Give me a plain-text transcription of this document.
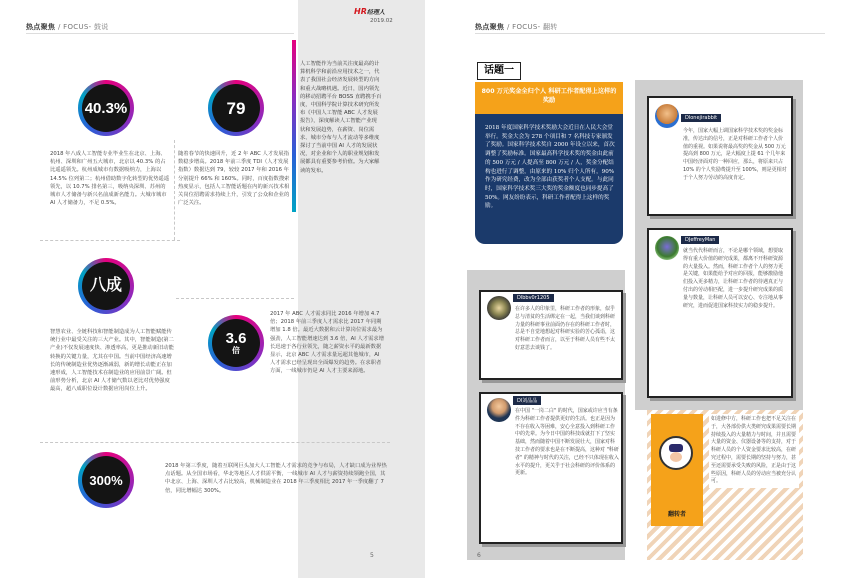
热点聚焦 / FOCUS- 鼓说
HR经理人
2019.02
人工智能作为当前关注度最高的计算机科学和前沿应用技术之一，代表了我国社会经济发展转型的方向和重大战略机遇。近日，国内领先的移动招聘平台 BOSS 直聘携手百度，中国科学院计算技术研究所发布《中国人工智能 ABC 人才发展报告》，深度解读人工智能产业现状和发展趋势，在薪资、岗位需求、城市分布与人才流动等多维度探讨了当前中国 AI 人才的发展状况，对企业和个人的职业规划和发展都具有重要参考价值。为大家解读的发布。
40.3%
2018 年八成人工智能专业毕业生在北京、上海、杭州、深圳和广州五大城市，北京以 40.3% 的占比遥遥领先。杭州成城市有数据吸纳力，上海以 14.5% 位列第二；杭州借助数字化转型的优势遥遥领先，以 10.7% 排名第三，吸纳央深圳、苏州的城市人才储备与新兴名前成新名能力。大城市城市 AI 人才储备力，不足 0.5%。
79
随着春节的快速回升，近 2 年 ABC 人才发展指数稳步增高。2018 年前三季度 TDI（人才发展指数）数据达到 79，较较 2017 年和 2016 年分别提升 66% 和 160%。同时，百度指数搜索热度显示，包括人工智能话题在内的新兴技术相关岗位招聘需求持续上升，引发了公众和企业的广泛关注。
八成
智慧农业、全链科技和智能制造成为人工智能赋能传统行业中最受关注的三大产业。其中，智能制造(第二产业)不仅发展速度快、渗透率高，更是推动新旧动能转换的关键力量，尤其在中国。当前中国经济高速增长的传统制造业优势逐渐减弱，新的增长动能正在加速形成，人工智能技术在制造业的应用前景广阔。但前形势分析，北京 AI 人才储气数以老比对优势强度最高，超八成职位设计数据应用岗位上升。
3.6
倍
2017 年 ABC 人才需求同比 2016 年增加 4.7 倍；2018 年前三季度人才需求比 2017 年同期增加 1.8 倍。最近大数据和云计算岗位需求最为强劲，人工智能增速达到 3.6 倍，AI 人才需求增长迅速于各行业领先，随之薪资水平的最新数据显示，北京 ABC 人才需求量远超其他城市，AI 人才需求已经呈现出全面爆发的趋势。在求职者方面，一线城市仍是 AI 人才主要来源地。
300%
2018 年第三季度，随着互联网巨头加大人工智能人才需求的竞争与布局，人才缺口成为业界热点话题。从全国市场看，华北等地区人才供需平衡，一线城市 AI 人才与薪资持续领跑全国，其中北京、上海、深圳人才占比较高，机械制造业在 2018 年三季度相比 2017 年一季度翻了 7 倍，同比增幅达 300%。
5
热点聚焦 / FOCUS- 翻转
话题一
800 万元奖金全归个人 科研工作者配得上这样的奖励
2018 年度国家科学技术奖励大会近日在人民大会堂举行。奖金大会为 278 个项目和 7 名科技专家颁发了奖励。国家科学技术奖自 2000 年设立以来，首次调整了奖励标准。国家最高科学技术奖的奖金由此前的 500 万元 / 人提高至 800 万元 / 人，奖金分配结构也进行了调整，由原来的 10% 归个人所有，90% 作为研究经费，改为全部由获奖者个人支配。与此同时，国家科学技术奖三大奖的奖金额度也同步提高了 50%。网友纷纷表示，科研工作者配得上这样的奖励。
Dlonejirabbit
今年，国家大幅上调国家科学技术奖的奖金标准，传达出的信号，正是对科研工作者个人价值的重视。如果说将最高奖的奖金从 500 万元提高到 800 万元，是大幅度上提 61 个几年来中国经济面对的一种回应，那么，将原来只占 10% 的个人奖励费提升至 100%，则是更相对于个人努力劳动的高度肯定。
DJeffreyMan
就当代代科研而言，不论是哪个领域，想要取得有重大价值的研究成果，都离不开科研资源的大量投入。然而，科研工作者个人的努力更是关键，如果能给予对应的回报，能够激励他们投入更多精力，让科研工作者的待遇真正与付出的劳动相匹配，进一步提升研究成果的质量与数量，让科研人员可以安心、专注地从事研究，进而促进国家科技实力的稳步提升。
Dlbbv0r1205
在许多人的印象里，科研工作者的形象，似乎总与清贫的生活绑定在一起，当我们谈到科研力量的科研事业前面仍存在的科研工作者时，总是不自觉地想起对科研实验的苦心孤诣，这对科研工作者而言，以至于科研人员有些不太好意思去谈钱了。
Dl刘晶晶
在中国 "一岗二白" 的时代，国家或许应当有条件为科研工作者提供更好的生活。也正是因为不存在收入等困难，安心全意投入到科研工作中的先辈。为今日中国的科技成就打下了坚实基础，然而随着中国不断发展壮大，国家对科技工作者的要求也是在不断提高，这种对 "科研者" 的精神与时代的关注，已经不只体现在收入水平的提升，更关乎于社会科研的评价体系的更新。
翻转者
如进修中方，科研工作也把不足关注在于，大各部份供大类研究成果需要长期持续投入的大量精力与时间，并且需要大量的资金、仪器设备等的支持，对于科研人员的个人资金要求比较高，在研究过程中，需要长期的坚持与努力，甚至还需要承受失败的风险，正是由于这些原因，科研人员的劳动应当被充分认可。
6
